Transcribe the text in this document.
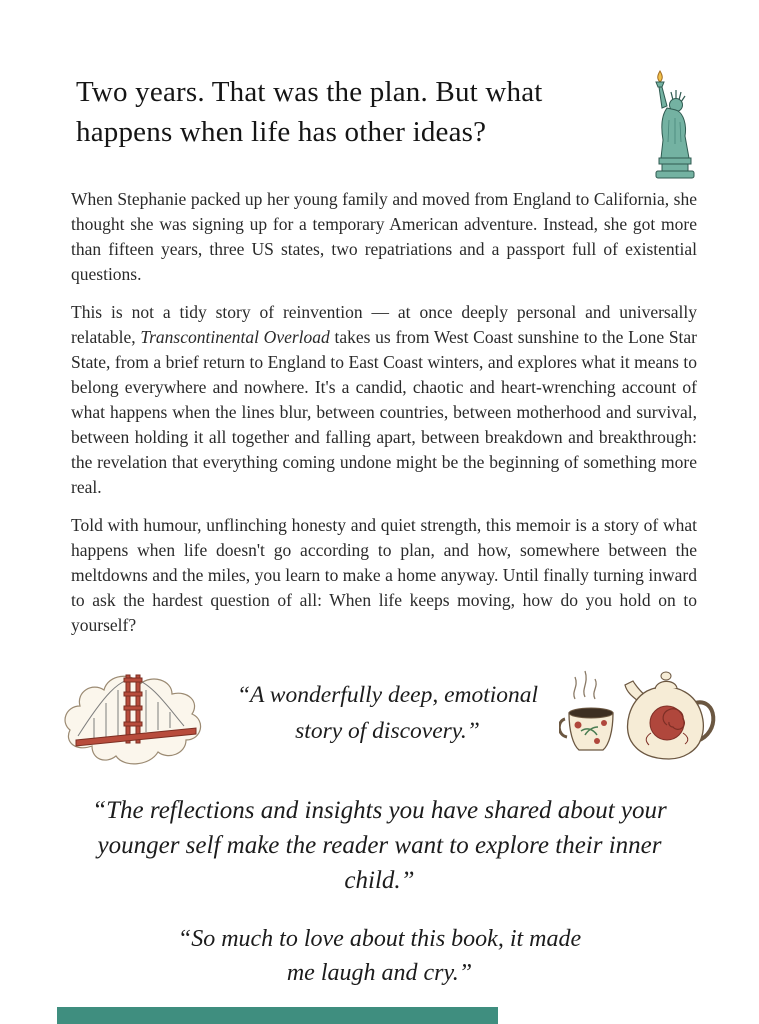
Two years. That was the plan. But what happens when life has other ideas?

When Stephanie packed up her young family and moved from England to California, she thought she was signing up for a temporary American adventure. Instead, she got more than fifteen years, three US states, two repatriations and a passport full of existential questions.

This is not a tidy story of reinvention — at once deeply personal and universally relatable, Transcontinental Overload takes us from West Coast sunshine to the Lone Star State, from a brief return to England to East Coast winters, and explores what it means to belong everywhere and nowhere. It's a candid, chaotic and heart-wrenching account of what happens when the lines blur, between countries, between motherhood and survival, between holding it all together and falling apart, between breakdown and breakthrough: the revelation that everything coming undone might be the beginning of something more real.

Told with humour, unflinching honesty and quiet strength, this memoir is a story of what happens when life doesn't go according to plan, and how, somewhere between the meltdowns and the miles, you learn to make a home anyway. Until finally turning inward to ask the hardest question of all: When life keeps moving, how do you hold on to yourself?

“A wonderfully deep, emotional story of discovery.”
“The reflections and insights you have shared about your younger self make the reader want to explore their inner child.”
“So much to love about this book, it made me laugh and cry.”
